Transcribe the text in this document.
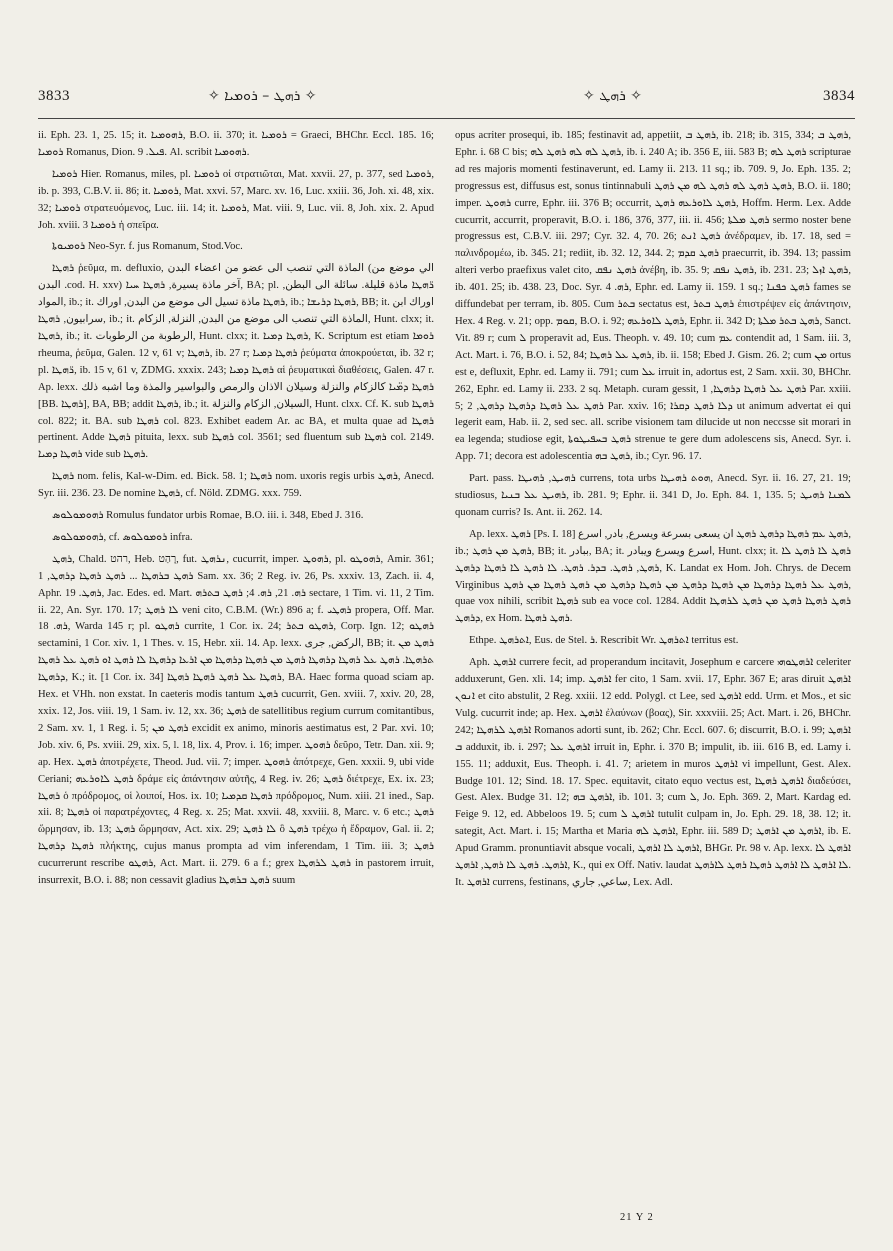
3833	✧ ܪܗܛ – ܪܘܡܝܐ ✧	✧ ܪܗܛ ✧	3834

ii. Eph. 23. 1, 25. 15; it. ܪܗܘܡܝܐ, B.O. ii. 370; it. ܪܘܡܝܐ = Graeci, BHChr. Eccl. 185. 16; ܪܘܡܝܐ Romanus, Dion. ܦܝܠ. 9. Al. scribit ܪܗܘܡܝܐ.

ܪܘܡܝܐ Hier. Romanus, miles, pl. ܪܘܡܝܐ οἱ στρατιῶται, Mat. xxvii. 27, p. 377, sed ܪܘܡܝܐ, ib. p. 393, C.B.V. ii. 86; it. ܪܘܡܝܐ, Mat. xxvi. 57, Marc. xv. 16, Luc. xxiii. 36, Joh. xi. 48, xix. 32; ܪܘܡܝܐ στρατευόμενος, Luc. iii. 14; it. ܪܘܡܝܐ, Mat. viii. 9, Luc. vii. 8, Joh. xix. 2. Apud Joh. xviii. 3 ܪܘܡܝܐ ἡ σπεῖρα.

ܪܘܡܝܘܬܐ Neo-Syr. f. jus Romanum, Stod.Voc.

ܪܗܛܐ ῥεῦμα, m. defluxio, الماذة التي تنصب الى عضو من اعضاء البدن (الي موضع من البدن .cod. H. xxv) آخر ماذة يسيرة, ܪܗܛܐ ܚܝܐ, BA; pl. ܪ̈ܗܛܐ ماذة قليلة. سائلة الى البطن, المواد, ib.; it. ܪܗܛܐ ماذة تسيل الى موضع من البدن, اوراك, ib.; ܪܗܛܐ ܕܪܝܫܐ, BB; it. اوراك ابن سرابيون, ܪܗܛܐ, ib.; it. الماذة التي تنصب الى موضع من البدن, النزلة, الزكام, Hunt. clxx; it. ܪܗܛܐ, ib.; it. الرطوبة من الرطوبات, Hunt. clxx; it. ܪܗܛܐ ܕܡܝܐ, K. Scriptum est etiam ܪܘܡܐ rheuma, ῥεῦμα, Galen. 12 v, 61 v; ܪܗܛܐ, ib. 27 r; ܪܗܛܐ ܕܡܝܐ ῥεύματα ἀποκρούεται, ib. 32 r; pl. ܪ̈ܗܛܐ, ib. 15 v, 61 v, ZDMG. xxxix. 243; ܪܗܛܐ ܕܡܝܐ αἱ ῥευματικαὶ διαθέσεις, Galen. 47 r. Ap. lexx. ܪܗܛܐ ܕܡ̈ܝܐ كالزكام والنزلة وسيلان الاذان والرمص والبواسير والمذة وما اشبه ذلك [BB. ܪܗܛܐ], BA, BB; addit ܪܗܛܐ, ib.; it. السيلان, الزكام والنزلة, Hunt. clxx. Cf. K. sub ܪܗܛܐ col. 822; it. BA. sub ܪܗܛܐ col. 823. Exhibet eadem Ar. ac BA, et multa quae ad ܪܗܛܐ pertinent. Adde ܪܗܛܐ pituita, lexx. sub ܪܗܛܐ col. 3561; sed fluentum sub ܪܗܛܐ col. 2149. ܪܗܛܐ ܕܡܝܐ vide sub ܪܗܛܐ.

ܪܗܛܐ nom. felis, Kal-w-Dim. ed. Bick. 58. 1; ܪܗܛܐ nom. uxoris regis urbis ܪܗܛ, Anecd. Syr. iii. 236. 23. De nomine ܪܗܛܐ, cf. Nöld. ZDMG. xxx. 759.

ܪܗܘܡܘܠܘܣ Romulus fundator urbis Romae, B.O. iii. i. 348, Ebed J. 316.

ܪܗܘܡܘܠܘܣ, cf. ܪܘܡܘܠܘܣ infra.

ܪܗܛ, Chald. רהט, Heb. רָהַט, fut. ܢܪܗܛ, cucurrit, imper. ܪܗܘܛ, pl. ܪܗܘܛܘ, Amir. 361; ܪܗܛ ܒܪܗܛܐ ... ܪܗܛ ܪܗܛܐ ܕܪܗܛ, 1 Sam. xx. 36; 2 Reg. iv. 26, Ps. xxxiv. 13, Zach. ii. 4, Aphr. ܪܗܛ. 19, Jac. Edes. ed. Mart. ܪܗ. 21, ܪܗ. 4; ܪܗܛ ܒܬܪܗ sectare, 1 Tim. vi. 11, 2 Tim. ii. 22, An. Syr. 170. 17; ܠܐ ܪܗܛ veni cito, C.B.M. (Wr.) 896 a; f. ܪܗܛܝ propera, Off. Mar. ܪܗ. 18, Warda 145 r; pl. ܪܗܛܘ currite, 1 Cor. ix. 24; ܪܗܛܘ ܒܬܪ, Corp. Ign. 12; ܪܗܛܘ sectamini, 1 Cor. xiv. 1, 1 Thes. v. 15, Hebr. xii. 14. Ap. lexx. الركض, جرى, BB; it. ܪܗܛ ܡܢ ܬܪܗܛܐ. ܪܗܛ ܥܠ ܪܗܛܐ ܕܪܗܛܐ ܪܗܛ ܡܢ ܪܗܛܐ ܕܪܗܛܐ ܡܢ ܐܪܥܐ ܕܪܗܛܐ ܠܐ ܪܗܛ ܐܘ ܪܗܛ ܥܠ ܪܗܛܐ ܕܪܗܛܐ, K.; it. [1 Cor. ix. 34] ܪܗܛܐ ܥܠ ܪܗܛ ܪܗܛܐ ܪܗܛܐ, BA. Haec forma quoad sciam ap. Hex. et VHh. non exstat. In caeteris modis tantum ܪܗܛ cucurrit, Gen. xviii. 7, xxiv. 20, 28, xxix. 12, Jos. viii. 19, 1 Sam. iv. 12, xx. 36; ܪܗܛ de satellitibus regium currum comitantibus, 2 Sam. xv. 1, 1 Reg. i. 5; ܪܗܛ ܡܢ excidit ex animo, minoris aestimatus est, 2 Par. xvi. 10; Job. xiv. 6, Ps. xviii. 29, xix. 5, l. 18, lix. 4, Prov. i. 16; imper. ܪܗܘܛ δεῦρο, Tetr. Dan. xii. 9; ap. Hex. ܪܗܛ ἀποτρέχετε, Theod. Jud. vii. 7; imper. ܪܗܘܛ ἀπότρεχε, Gen. xxxii. 9, ubi vide Ceriani; ܪܗܛ ܠܐܘܪܥܗ δράμε εἰς ἀπάντησιν αὐτῆς, 4 Reg. iv. 26; ܪܗܛ διέτρεχε, Ex. ix. 23; ܪܗܛܐ ὁ πρόδρομος, οἱ λοιποί, Hos. ix. 10; ܪܗܛܐ ܩܕܡܝܐ πρόδρομος, Num. xiii. 21 ined., Sap. xii. 8; ܪܗܛܐ οἱ παρατρέχοντες, 4 Reg. x. 25; Mat. xxvii. 48, xxviii. 8, Marc. v. 6 etc.; ܪܗܛ ὥρμησαν, ib. 13; ܪܗܛ ὥρμησαν, Act. xix. 29; ܠܐ ܪܗܛ ὃ ܪܗܛ τρέχω ἡ ἔδραμον, Gal. ii. 2; ܪܗܛܐ ܕܪܗܛܐ πλήκτης, cujus manus prompta ad vim inferendam, 1 Tim. iii. 3; ܪܗܛ cucurrerunt rescribe ܪܗܛܘ, Act. Mart. ii. 279. 6 a f.; grex ܪܗܛ ܠܪܗܛܐ in pastorem irruit, insurrexit, B.O. i. 88; non cessavit gladius ܪܗܛ ܒܪܗܛܐ suum

opus acriter prosequi, ib. 185; festinavit ad, appetiit, ܪܗܛ ܒ, ib. 218; ib. 315, 334; ܪܗܛ ܒ, Ephr. i. 68 C bis; ܪܗܛ ܠܗ ܠܗ ܪܗܛ ܠܗ, ib. i. 240 A; ib. 356 E, iii. 583 B; ܪܗܛ ܠܗ scripturae ad res majoris momenti festinaverunt, ed. Lamy ii. 213. 11 sq.; ib. 709. 9, Jo. Eph. 135. 2; progressus est, diffusus est, sonus tintinnabuli ܪܗܛ ܪܗܛ ܠܗ ܪܗܛ ܠܗ ܡܢ ܪܗܛ, B.O. ii. 180; imper. ܪܗܘܛ curre, Ephr. iii. 376 B; occurrit, ܪܗܛ ܠܐܘܪܥܗ ܪܗܛ, Hoffm. Herm. Lex. Adde cucurrit, accurrit, properavit, B.O. i. 186, 376, 377, iii. ii. 456; ܪܗܛ ܡܠܬܐ sermo noster bene progressus est, C.B.V. iii. 297; Cyr. 32. 4, 70. 26; ܪܗܛ ܐܢܬ ἀνέδραμεν, ib. 17. 18, sed = παλινδρομέω, ib. 345. 21; rediit, ib. 32. 12, 344. 2; ܪܗܛ ܩܕܡ praecurrit, ib. 394. 13; passim alteri verbo praefixus valet cito, ܪܗܛ ܢܦܩ ἀνέβη, ib. 35. 9; ܪܗܛ ܢܦܩ, ib. 231. 23; ܪܗܛ ܐܙܠ, ib. 401. 25; ib. 438. 23, Doc. Syr. ܪܗ. 4, Ephr. ed. Lamy ii. 159. 1 sq.; ܪܗܛ ܟܦܢܐ fames se diffundebat per terram, ib. 805. Cum ܒܬܪ sectatus est, ܪܗܛ ܒܬܪ ἐπιστρέψεν εἰς ἀπάντησιν, Hex. 4 Reg. v. 21; opp. ܩܘܡ, B.O. i. 92; ܪܗܛ ܠܐܘܪܥܗ, Ephr. ii. 342 D; ܪܗܛ ܒܬܪ ܡܠܬܐ, Sanct. Vit. 89 r; cum ܠ properavit ad, Eus. Theoph. v. 49. 10; cum ܥܡ contendit ad, 1 Sam. iii. 3, Act. Mart. i. 76, B.O. i. 52, 84; ܪܗܛ ܥܠ ܪܗܛܐ, ib. ii. 158; Ebed J. Gism. 26. 2; cum ܡܢ ortus est e, defluxit, Ephr. ed. Lamy ii. 791; cum ܥܠ irruit in, adortus est, 2 Sam. xxii. 30, BHChr. 262, Ephr. ed. Lamy ii. 233. 2 sq. Metaph. curam gessit, ܪܗܛ ܥܠ ܪܗܛܐ ܕܪܗܛܐ, 1 Par. xxiii. 5; ܪܗܛ ܥܠ ܪܗܛܐ ܕܪܗܛܐ ܕܪܗܛ, 2 Par. xxiv. 16; ܕܠܐ ܪܗܛ ܕܩܪܐ ut animum advertat ei qui legerit eam, Hab. ii. 2, sed sec. all. scribe visionem tam dilucide ut non neccsse sit morari in ea legenda; studiose egit, ܪܗܛ ܒܚܦܝܛܘܬܐ strenue te gere dum adolescens sis, Anecd. Syr. i. App. 71; decora est adolescentia ܪܗܛ ܒܗ, ib.; Cyr. 96. 17.

Part. pass. ܪܗܝܛ, ܪܗܝܛܐ currens, tota urbs ܗܘܬ ܪܗܝܛܐ, Anecd. Syr. ii. 16. 27, 21. 19; studiosus, ܪܗܝܛ ܥܠ ܒܢܝܐ, ib. 281. 9; Ephr. ii. 341 D, Jo. Eph. 84. 1, 135. 5; ܠܡܢܐ ܪܗܝܛ quonam curris? Is. Ant. ii. 262. 14.

Ap. lexx. ܪܗܛ [Ps. I. 18] ܪܗܛ ܥܡ ܪܗܛܐ ܕܪܗܛ ܪܗܛ ان يسعى بسرعة ويسرع, بادر, اسرع, ib.; ܪܗܛ ܡܢ ܪܗܛ, BB; it. ببادر, BA; it. اسرع ويسرع ويبادر, Hunt. clxx; it. ܪܗܛ ܠܐ ܪܗܛ ܠܐ ܪܗܛ, ܪܗܛ. ܒܕܪ. ܪܗܛ. ܠܐ ܪܗܛ ܠܐ ܪܗܛܐ ܕܪܗܛ, K. Landat ex Hom. Joh. Chrys. de Decem Virginibus ܪܗܛ ܥܠ ܪܗܛܐ ܕܪܗܛܐ ܡܢ ܪܗܛܐ ܕܪܗܛ ܡܢ ܪܗܛܐ ܕܪܗܛ ܡܢ ܪܗܛ ܪܗܛܐ ܡܢ ܪܗܛ, quae vox nihili, scribit ܪܗܛܐ sub ea voce col. 1284. Addit ܪܗܛ ܪܗܛܐ ܪܗܛ ܡܢ ܪܗܛ ܠܪܗܛܐ ܕܪܗܛ, ex Hom. ܪܗܛ ܪܗܛܐ.

Ethpe. ܐܬܪܗܛ, Eus. de Stel. ܪ. Rescribit Wr. ܐܬܪܗܛ territus est.

Aph. ܐܪܗܛ currere fecit, ad properandum incitavit, Josephum e carcere ܐܪܗܛܘܗܝ celeriter adduxerunt, Gen. xli. 14; imp. ܐܪܗܛ fer cito, 1 Sam. xvii. 17, Ephr. 367 E; aras diruit ܐܪܗܛ ܐܢܘܢ et cito abstulit, 2 Reg. xxiii. 12 edd. Polygl. ct Lee, sed ܐܪܗܛ edd. Urm. et Mos., et sic Vulg. cucurrit inde; ap. Hex. ܐܪܗܛ ἐλαύνων (βοας), Sir. xxxviii. 25; Act. Mart. i. 26, BHChr. 242; ܐܪܗܛ ܠܪܗܛܐ Romanos adorti sunt, ib. 262; Chr. Eccl. 607. 6; discurrit, B.O. i. 99; ܐܪܗܛ ܒ adduxit, ib. i. 297; ܐܪܗܛ ܥܠ irruit in, Ephr. i. 370 B; impulit, ib. iii. 616 B, ed. Lamy i. 155. 11; adduxit, Eus. Theoph. i. 41. 7; arietem in muros ܐܪܗܛ vi impellunt, Gest. Alex. Budge 101. 12; Sind. 18. 17. Spec. equitavit, citato equo vectus est, ܐܪܗܛ ܪܗܛܐ διαδεύσει, Gest. Alex. Budge 31. 12; ܐܪܗܛ ܒܗ, ib. 101. 3; cum ܠ, Jo. Eph. 369. 2, Mart. Kardag ed. Feige 9. 12, ed. Abbeloos 19. 5; cum ܐܪܗܛ ܠ tutulit culpam in, Jo. Eph. 29. 18, 38. 12; it. sategit, Act. Mart. i. 15; Martha et Maria ܐܪܗܛ ܠܗ, Ephr. iii. 589 D; ܐܪܗܛ ܡܢ ܐܪܗܛ, ib. E. Apud Gramm. pronuntiavit absque vocali, ܐܪܗܛ ܠܐ ܐܪܗܛ, BHGr. Pr. 98 v. Ap. lexx. ܐܪܗܛ ܠܐ ܐܪܗܛ. ܪܗܛ ܠܐ ܪܗܛ, ܐܪܗܛ, K., qui ex Off. Nativ. laudat ܠܐ ܐܪܗܛ ܠܐ ܐܪܗܛ ܪܗܛܐ ܪܗܛ ܠܐܪܗܛ. It. ܐܪܗܛ currens, festinans, ساعي, جاري, Lex. Adl.

21 Y 2
